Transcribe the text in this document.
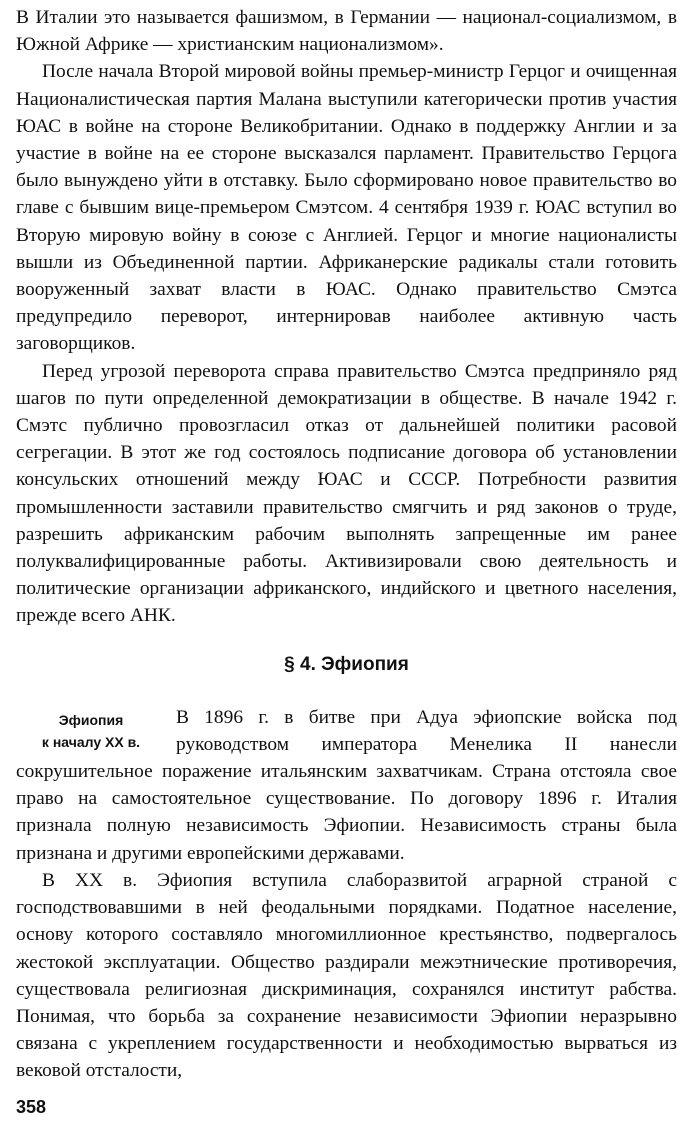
В Италии это называется фашизмом, в Германии — национал-социализмом, в Южной Африке — христианским национализмом».

После начала Второй мировой войны премьер-министр Герцог и очищенная Националистическая партия Малана выступили категорически против участия ЮАС в войне на стороне Великобритании. Однако в поддержку Англии и за участие в войне на ее стороне высказался парламент. Правительство Герцога было вынуждено уйти в отставку. Было сформировано новое правительство во главе с бывшим вице-премьером Смэтсом. 4 сентября 1939 г. ЮАС вступил во Вторую мировую войну в союзе с Англией. Герцог и многие националисты вышли из Объединенной партии. Африканерские радикалы стали готовить вооруженный захват власти в ЮАС. Однако правительство Смэтса предупредило переворот, интернировав наиболее активную часть заговорщиков.

Перед угрозой переворота справа правительство Смэтса предприняло ряд шагов по пути определенной демократизации в обществе. В начале 1942 г. Смэтс публично провозгласил отказ от дальнейшей политики расовой сегрегации. В этот же год состоялось подписание договора об установлении консульских отношений между ЮАС и СССР. Потребности развития промышленности заставили правительство смягчить и ряд законов о труде, разрешить африканским рабочим выполнять запрещенные им ранее полуквалифицированные работы. Активизировали свою деятельность и политические организации африканского, индийского и цветного населения, прежде всего АНК.

§ 4. Эфиопия
Эфиопия
к началу XX в.

В 1896 г. в битве при Адуа эфиопские войска под руководством императора Менелика II нанесли сокрушительное поражение итальянским захватчикам. Страна отстояла свое право на самостоятельное существование. По договору 1896 г. Италия признала полную независимость Эфиопии. Независимость страны была признана и другими европейскими державами.

В XX в. Эфиопия вступила слаборазвитой аграрной страной с господствовавшими в ней феодальными порядками. Податное население, основу которого составляло многомиллионное крестьянство, подвергалось жестокой эксплуатации. Общество раздирали межэтнические противоречия, существовала религиозная дискриминация, сохранялся институт рабства. Понимая, что борьба за сохранение независимости Эфиопии неразрывно связана с укреплением государственности и необходимостью вырваться из вековой отсталости,

358
